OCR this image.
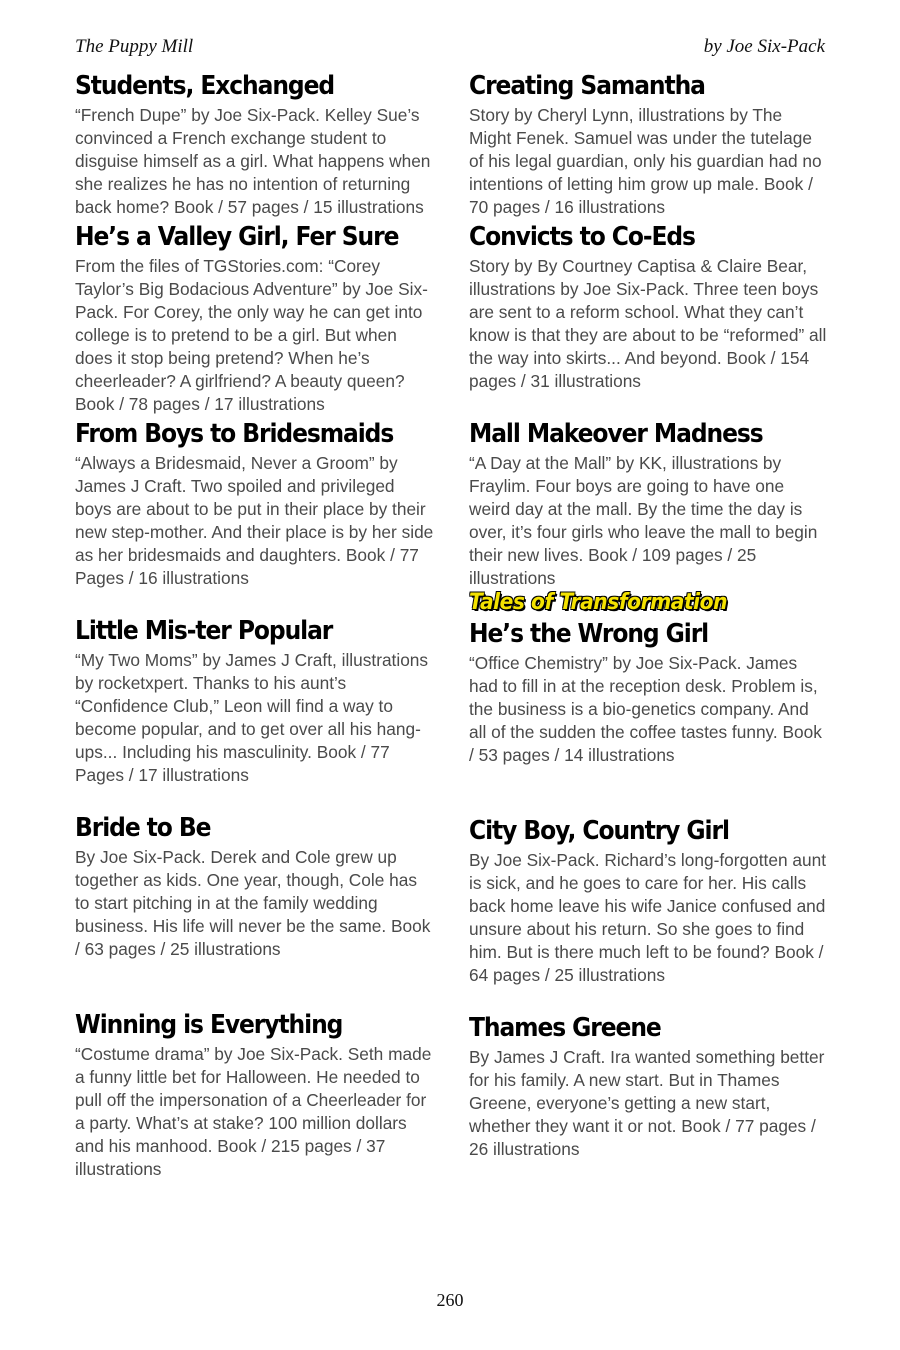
The Puppy Mill	by Joe Six-Pack
Students, Exchanged

“French Dupe” by Joe Six-Pack. Kelley Sue’s convinced a French exchange student to disguise himself as a girl. What happens when she realizes he has no intention of returning back home? Book / 57 pages / 15 illustrations

He’s a Valley Girl, Fer Sure

From the files of TGStories.com: “Corey Taylor’s Big Bodacious Adventure” by Joe Six-Pack. For Corey, the only way he can get into college is to pretend to be a girl. But when does it stop being pretend? When he’s cheerleader? A girlfriend? A beauty queen? Book / 78 pages / 17 illustrations

From Boys to Bridesmaids

“Always a Bridesmaid, Never a Groom” by James J Craft. Two spoiled and privileged boys are about to be put in their place by their new step-mother. And their place is by her side as her bridesmaids and daughters. Book / 77 Pages / 16 illustrations

Little Mis-ter Popular

“My Two Moms” by James J Craft, illustrations by rocketxpert. Thanks to his aunt’s “Confidence Club,” Leon will find a way to become popular, and to get over all his hang-ups... Including his masculinity. Book / 77 Pages / 17 illustrations

Bride to Be

By Joe Six-Pack. Derek and Cole grew up together as kids. One year, though, Cole has to start pitching in at the family wedding business. His life will never be the same. Book / 63 pages / 25 illustrations

Winning is Everything

“Costume drama” by Joe Six-Pack. Seth made a funny little bet for Halloween. He needed to pull off the impersonation of a Cheerleader for a party. What’s at stake? 100 million dollars and his manhood. Book / 215 pages / 37 illustrations

Creating Samantha

Story by Cheryl Lynn, illustrations by The Might Fenek. Samuel was under the tutelage of his legal guardian, only his guardian had no intentions of letting him grow up male. Book / 70 pages / 16 illustrations

Convicts to Co-Eds

Story by By Courtney Captisa & Claire Bear, illustrations by Joe Six-Pack. Three teen boys are sent to a reform school. What they can’t know is that they are about to be “reformed” all the way into skirts... And beyond. Book / 154 pages / 31 illustrations

Mall Makeover Madness

“A Day at the Mall” by KK, illustrations by Fraylim. Four boys are going to have one weird day at the mall. By the time the day is over, it’s four girls who leave the mall to begin their new lives. Book / 109 pages / 25 illustrations

Tales of Transformation
He’s the Wrong Girl

“Office Chemistry” by Joe Six-Pack. James had to fill in at the reception desk. Problem is, the business is a bio-genetics company. And all of the sudden the coffee tastes funny. Book / 53 pages / 14 illustrations

City Boy, Country Girl

By Joe Six-Pack. Richard’s long-forgotten aunt is sick, and he goes to care for her. His calls back home leave his wife Janice confused and unsure about his return. So she goes to find him. But is there much left to be found? Book / 64 pages / 25 illustrations

Thames Greene

By James J Craft. Ira wanted something better for his family. A new start. But in Thames Greene, everyone’s getting a new start, whether they want it or not. Book / 77 pages / 26 illustrations

260
